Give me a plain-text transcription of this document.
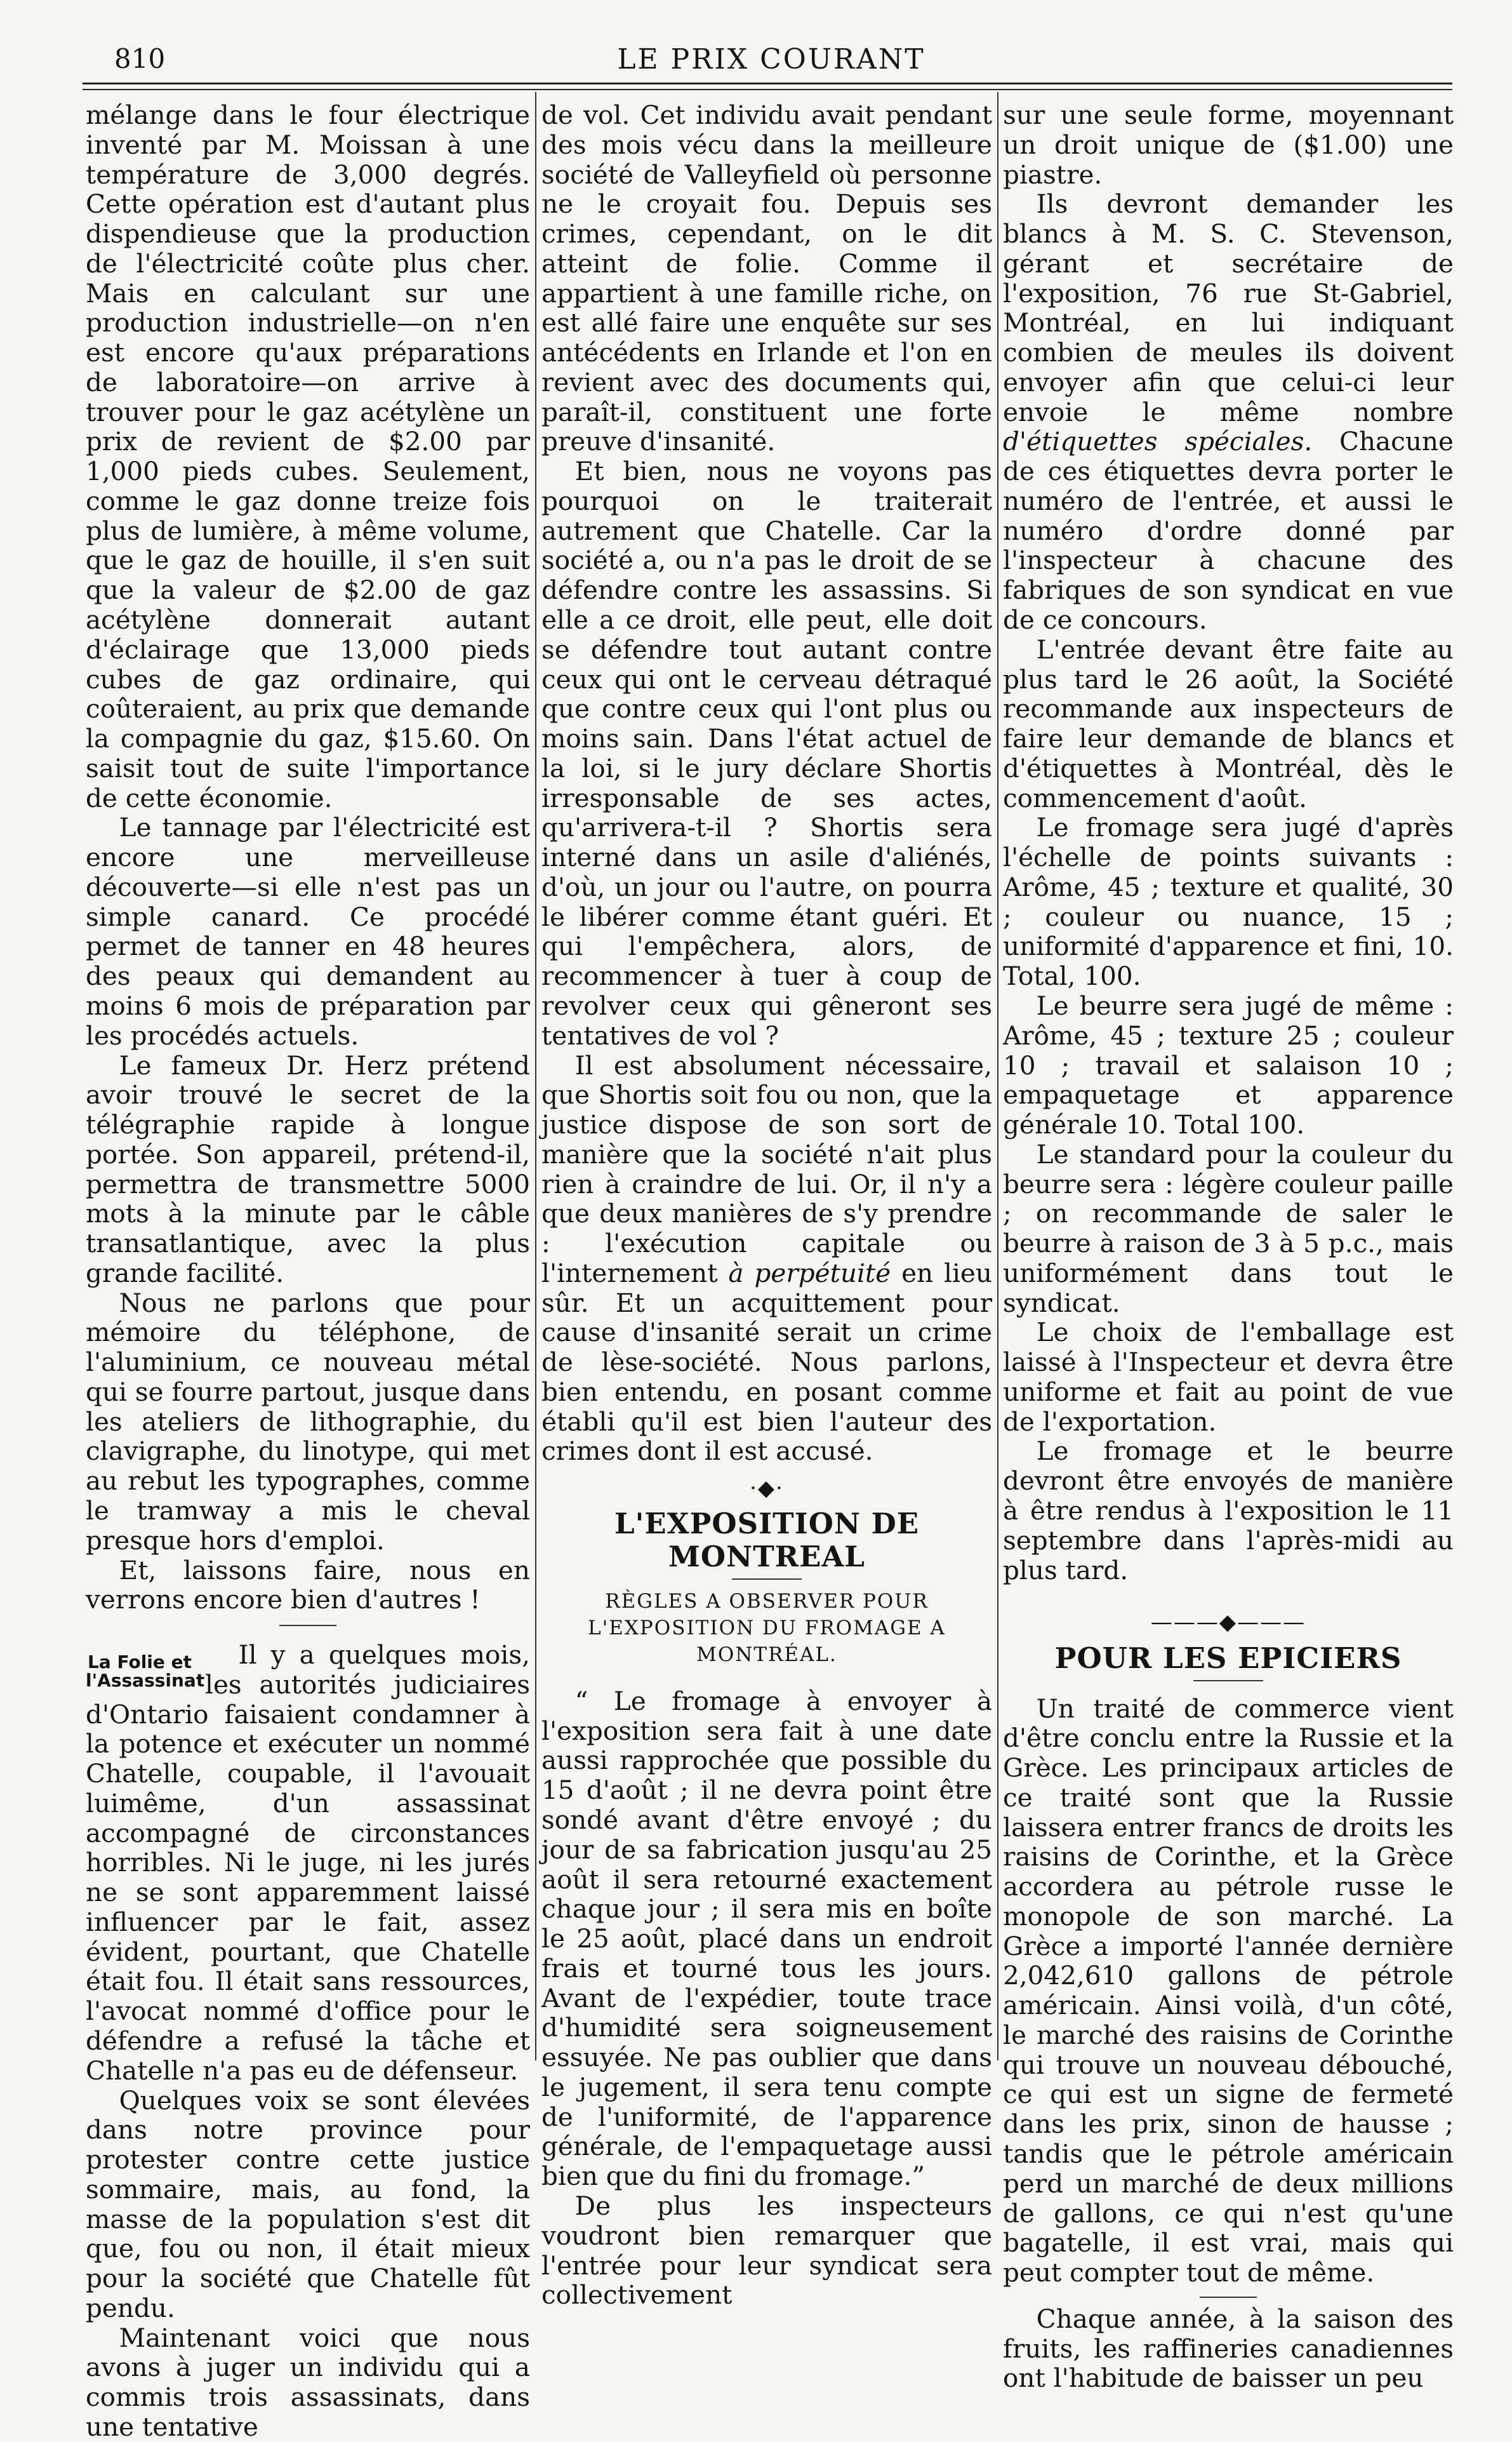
810	LE PRIX COURANT

mélange dans le four électrique inventé par M. Moissan à une température de 3,000 degrés. Cette opération est d'autant plus dispendieuse que la production de l'électricité coûte plus cher. Mais en calculant sur une production industrielle—on n'en est encore qu'aux préparations de laboratoire—on arrive à trouver pour le gaz acétylène un prix de revient de $2.00 par 1,000 pieds cubes. Seulement, comme le gaz donne treize fois plus de lumière, à même volume, que le gaz de houille, il s'en suit que la valeur de $2.00 de gaz acétylène donnerait autant d'éclairage que 13,000 pieds cubes de gaz ordinaire, qui coûteraient, au prix que demande la compagnie du gaz, $15.60. On saisit tout de suite l'importance de cette économie.

Le tannage par l'électricité est encore une merveilleuse découverte—si elle n'est pas un simple canard. Ce procédé permet de tanner en 48 heures des peaux qui demandent au moins 6 mois de préparation par les procédés actuels.

Le fameux Dr. Herz prétend avoir trouvé le secret de la télégraphie rapide à longue portée. Son appareil, prétend-il, permettra de transmettre 5000 mots à la minute par le câble transatlantique, avec la plus grande facilité.

Nous ne parlons que pour mémoire du téléphone, de l'aluminium, ce nouveau métal qui se fourre partout, jusque dans les ateliers de lithographie, du clavigraphe, du linotype, qui met au rebut les typographes, comme le tramway a mis le cheval presque hors d'emploi.

Et, laissons faire, nous en verrons encore bien d'autres !

La Folie et l'Assassinat

Il y a quelques mois, les autorités judiciaires d'Ontario faisaient condamner à la potence et exécuter un nommé Chatelle, coupable, il l'avouait luimême, d'un assassinat accompagné de circonstances horribles. Ni le juge, ni les jurés ne se sont apparemment laissé influencer par le fait, assez évident, pourtant, que Chatelle était fou. Il était sans ressources, l'avocat nommé d'office pour le défendre a refusé la tâche et Chatelle n'a pas eu de défenseur.

Quelques voix se sont élevées dans notre province pour protester contre cette justice sommaire, mais, au fond, la masse de la population s'est dit que, fou ou non, il était mieux pour la société que Chatelle fût pendu.

Maintenant voici que nous avons à juger un individu qui a commis trois assassinats, dans une tentative

de vol. Cet individu avait pendant des mois vécu dans la meilleure société de Valleyfield où personne ne le croyait fou. Depuis ses crimes, cependant, on le dit atteint de folie. Comme il appartient à une famille riche, on est allé faire une enquête sur ses antécédents en Irlande et l'on en revient avec des documents qui, paraît-il, constituent une forte preuve d'insanité.

Et bien, nous ne voyons pas pourquoi on le traiterait autrement que Chatelle. Car la société a, ou n'a pas le droit de se défendre contre les assassins. Si elle a ce droit, elle peut, elle doit se défendre tout autant contre ceux qui ont le cerveau détraqué que contre ceux qui l'ont plus ou moins sain. Dans l'état actuel de la loi, si le jury déclare Shortis irresponsable de ses actes, qu'arrivera-t-il ? Shortis sera interné dans un asile d'aliénés, d'où, un jour ou l'autre, on pourra le libérer comme étant guéri. Et qui l'empêchera, alors, de recommencer à tuer à coup de revolver ceux qui gêneront ses tentatives de vol ?

Il est absolument nécessaire, que Shortis soit fou ou non, que la justice dispose de son sort de manière que la société n'ait plus rien à craindre de lui. Or, il n'y a que deux manières de s'y prendre : l'exécution capitale ou l'internement à perpétuité en lieu sûr. Et un acquittement pour cause d'insanité serait un crime de lèse-société. Nous parlons, bien entendu, en posant comme établi qu'il est bien l'auteur des crimes dont il est accusé.

·◆·
L'EXPOSITION DE MONTREAL
RÈGLES A OBSERVER POUR L'EXPOSITION DU FROMAGE A MONTRÉAL.

“ Le fromage à envoyer à l'exposition sera fait à une date aussi rapprochée que possible du 15 d'août ; il ne devra point être sondé avant d'être envoyé ; du jour de sa fabrication jusqu'au 25 août il sera retourné exactement chaque jour ; il sera mis en boîte le 25 août, placé dans un endroit frais et tourné tous les jours. Avant de l'expédier, toute trace d'humidité sera soigneusement essuyée. Ne pas oublier que dans le jugement, il sera tenu compte de l'uniformité, de l'apparence générale, de l'empaquetage aussi bien que du fini du fromage.”

De plus les inspecteurs voudront bien remarquer que l'entrée pour leur syndicat sera collectivement

sur une seule forme, moyennant un droit unique de ($1.00) une piastre.

Ils devront demander les blancs à M. S. C. Stevenson, gérant et secrétaire de l'exposition, 76 rue St-Gabriel, Montréal, en lui indiquant combien de meules ils doivent envoyer afin que celui-ci leur envoie le même nombre d'étiquettes spéciales. Chacune de ces étiquettes devra porter le numéro de l'entrée, et aussi le numéro d'ordre donné par l'inspecteur à chacune des fabriques de son syndicat en vue de ce concours.

L'entrée devant être faite au plus tard le 26 août, la Société recommande aux inspecteurs de faire leur demande de blancs et d'étiquettes à Montréal, dès le commencement d'août.

Le fromage sera jugé d'après l'échelle de points suivants : Arôme, 45 ; texture et qualité, 30 ; couleur ou nuance, 15 ; uniformité d'apparence et fini, 10. Total, 100.

Le beurre sera jugé de même : Arôme, 45 ; texture 25 ; couleur 10 ; travail et salaison 10 ; empaquetage et apparence générale 10. Total 100.

Le standard pour la couleur du beurre sera : légère couleur paille ; on recommande de saler le beurre à raison de 3 à 5 p.c., mais uniformément dans tout le syndicat.

Le choix de l'emballage est laissé à l'Inspecteur et devra être uniforme et fait au point de vue de l'exportation.

Le fromage et le beurre devront être envoyés de manière à être rendus à l'exposition le 11 septembre dans l'après-midi au plus tard.

———◆———
POUR LES EPICIERS

Un traité de commerce vient d'être conclu entre la Russie et la Grèce. Les principaux articles de ce traité sont que la Russie laissera entrer francs de droits les raisins de Corinthe, et la Grèce accordera au pétrole russe le monopole de son marché. La Grèce a importé l'année dernière 2,042,610 gallons de pétrole américain. Ainsi voilà, d'un côté, le marché des raisins de Corinthe qui trouve un nouveau débouché, ce qui est un signe de fermeté dans les prix, sinon de hausse ; tandis que le pétrole américain perd un marché de deux millions de gallons, ce qui n'est qu'une bagatelle, il est vrai, mais qui peut compter tout de même.

Chaque année, à la saison des fruits, les raffineries canadiennes ont l'habitude de baisser un peu
